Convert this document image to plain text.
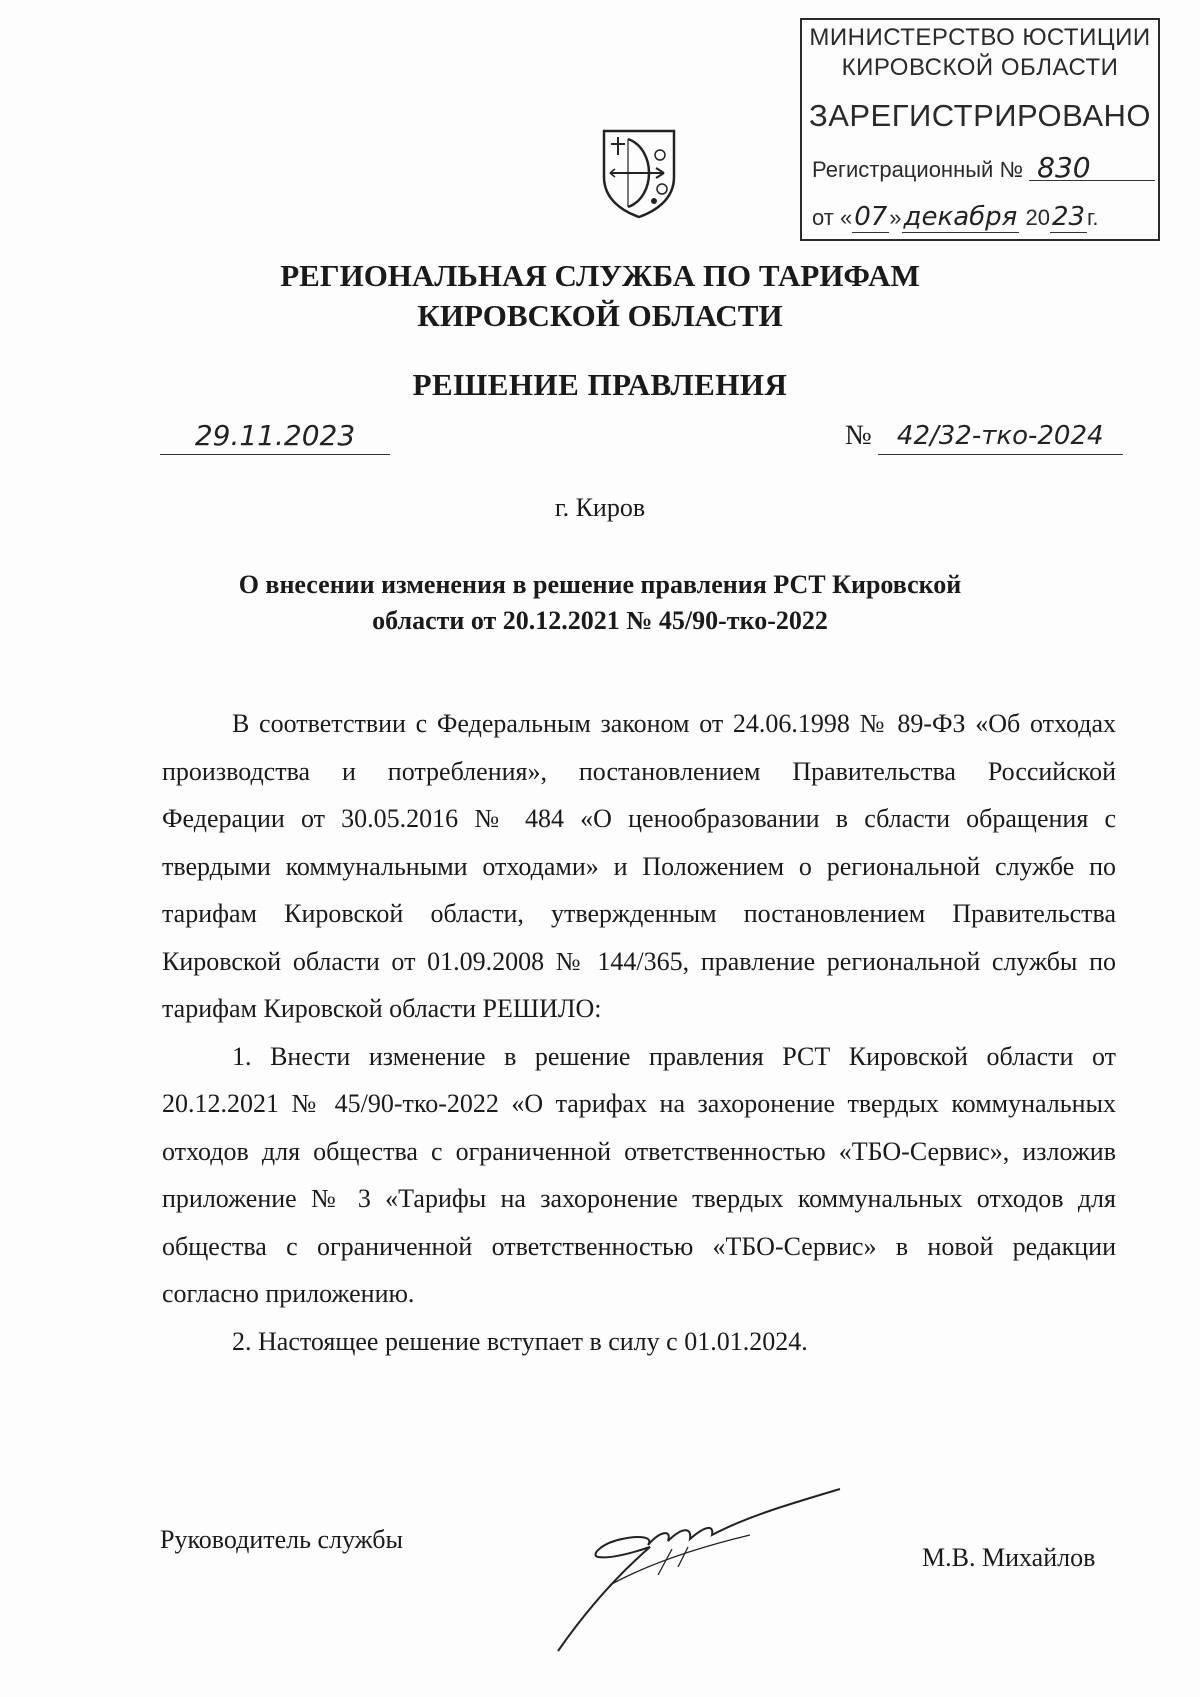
МИНИСТЕРСТВО ЮСТИЦИИ
КИРОВСКОЙ ОБЛАСТИ
ЗАРЕГИСТРИРОВАНО
Регистрационный № 830
от «07»декабря 2023г.
РЕГИОНАЛЬНАЯ СЛУЖБА ПО ТАРИФАМ
КИРОВСКОЙ ОБЛАСТИ
РЕШЕНИЕ ПРАВЛЕНИЯ
29.11.2023	№ 42/32-тко-2024
г. Киров
О внесении изменения в решение правления РСТ Кировской
области от 20.12.2021 № 45/90-тко-2022

В соответствии с Федеральным законом от 24.06.1998 № 89-ФЗ «Об отходах производства и потребления», постановлением Правительства Российской Федерации от 30.05.2016 № 484 «О ценообразовании в сбласти обращения с твердыми коммунальными отходами» и Положением о региональной службе по тарифам Кировской области, утвержденным постановлением Правительства Кировской области от 01.09.2008 № 144/365, правление региональной службы по тарифам Кировской области РЕШИЛО:

1. Внести изменение в решение правления РСТ Кировской области от 20.12.2021 № 45/90-тко-2022 «О тарифах на захоронение твердых коммунальных отходов для общества с ограниченной ответственностью «ТБО-Сервис», изложив приложение № 3 «Тарифы на захоронение твердых коммунальных отходов для общества с ограниченной ответственностью «ТБО-Сервис» в новой редакции согласно приложению.

2. Настоящее решение вступает в силу с 01.01.2024.

Руководитель службы
М.В. Михайлов
